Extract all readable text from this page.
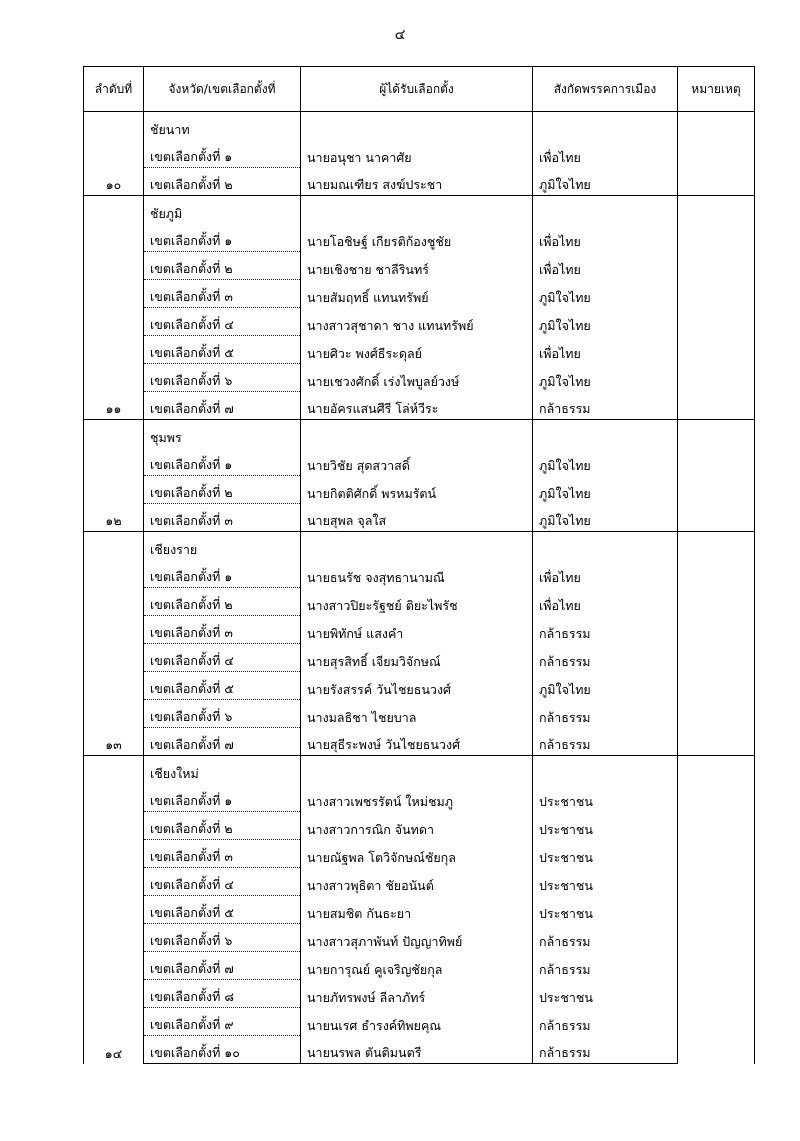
๔
ลำดับที่	จังหวัด/เขตเลือกตั้งที่	ผู้ได้รับเลือกตั้ง	สังกัดพรรคการเมือง	หมายเหตุ
๑๐	ชัยนาท			
	เขตเลือกตั้งที่ ๑	นายอนุชา นาคาศัย	เพื่อไทย	
	เขตเลือกตั้งที่ ๒	นายมณเฑียร สงฆ์ประชา	ภูมิใจไทย	
๑๑	ชัยภูมิ			
	เขตเลือกตั้งที่ ๑	นายโอชิษฐ์ เกียรติก้องชูชัย	เพื่อไทย	
	เขตเลือกตั้งที่ ๒	นายเชิงชาย ชาลีรินทร์	เพื่อไทย	
	เขตเลือกตั้งที่ ๓	นายสัมฤทธิ์ แทนทรัพย์	ภูมิใจไทย	
	เขตเลือกตั้งที่ ๔	นางสาวสุชาดา ชาง แทนทรัพย์	ภูมิใจไทย	
	เขตเลือกตั้งที่ ๕	นายศิวะ พงศ์ธีระดุลย์	เพื่อไทย	
	เขตเลือกตั้งที่ ๖	นายเชวงศักดิ์ เร่งไพบูลย์วงษ์	ภูมิใจไทย	
	เขตเลือกตั้งที่ ๗	นายอัครแสนศีรี โล่ห์วีระ	กล้าธรรม	
๑๒	ชุมพร			
	เขตเลือกตั้งที่ ๑	นายวิชัย สุดสวาสดิ์	ภูมิใจไทย	
	เขตเลือกตั้งที่ ๒	นายกิตติศักดิ์ พรหมรัตน์	ภูมิใจไทย	
	เขตเลือกตั้งที่ ๓	นายสุพล จุลใส	ภูมิใจไทย	
๑๓	เชียงราย			
	เขตเลือกตั้งที่ ๑	นายธนรัช จงสุทธานามณี	เพื่อไทย	
	เขตเลือกตั้งที่ ๒	นางสาวปิยะรัฐชย์ ติยะไพรัช	เพื่อไทย	
	เขตเลือกตั้งที่ ๓	นายพิทักษ์ แสงคำ	กล้าธรรม	
	เขตเลือกตั้งที่ ๔	นายสุรสิทธิ์ เจียมวิจักษณ์	กล้าธรรม	
	เขตเลือกตั้งที่ ๕	นายรังสรรค์ วันไชยธนวงศ์	ภูมิใจไทย	
	เขตเลือกตั้งที่ ๖	นางมลธิชา ไชยบาล	กล้าธรรม	
	เขตเลือกตั้งที่ ๗	นายสุธีระพงษ์ วันไชยธนวงศ์	กล้าธรรม	
๑๔	เชียงใหม่			
	เขตเลือกตั้งที่ ๑	นางสาวเพชรรัตน์ ใหม่ชมภู	ประชาชน	
	เขตเลือกตั้งที่ ๒	นางสาวการณิก จันทดา	ประชาชน	
	เขตเลือกตั้งที่ ๓	นายณัฐพล โตวิจักษณ์ชัยกุล	ประชาชน	
	เขตเลือกตั้งที่ ๔	นางสาวพุธิตา ชัยอนันต์	ประชาชน	
	เขตเลือกตั้งที่ ๕	นายสมชิต กันธะยา	ประชาชน	
	เขตเลือกตั้งที่ ๖	นางสาวสุภาพันท์ ปัญญาทิพย์	กล้าธรรม	
	เขตเลือกตั้งที่ ๗	นายการุณย์ คูเจริญชัยกุล	กล้าธรรม	
	เขตเลือกตั้งที่ ๘	นายภัทรพงษ์ ลีลาภัทร์	ประชาชน	
	เขตเลือกตั้งที่ ๙	นายนเรศ ธำรงค์ทิพยคุณ	กล้าธรรม	
	เขตเลือกตั้งที่ ๑๐	นายนรพล ตันติมนตรี	กล้าธรรม	
